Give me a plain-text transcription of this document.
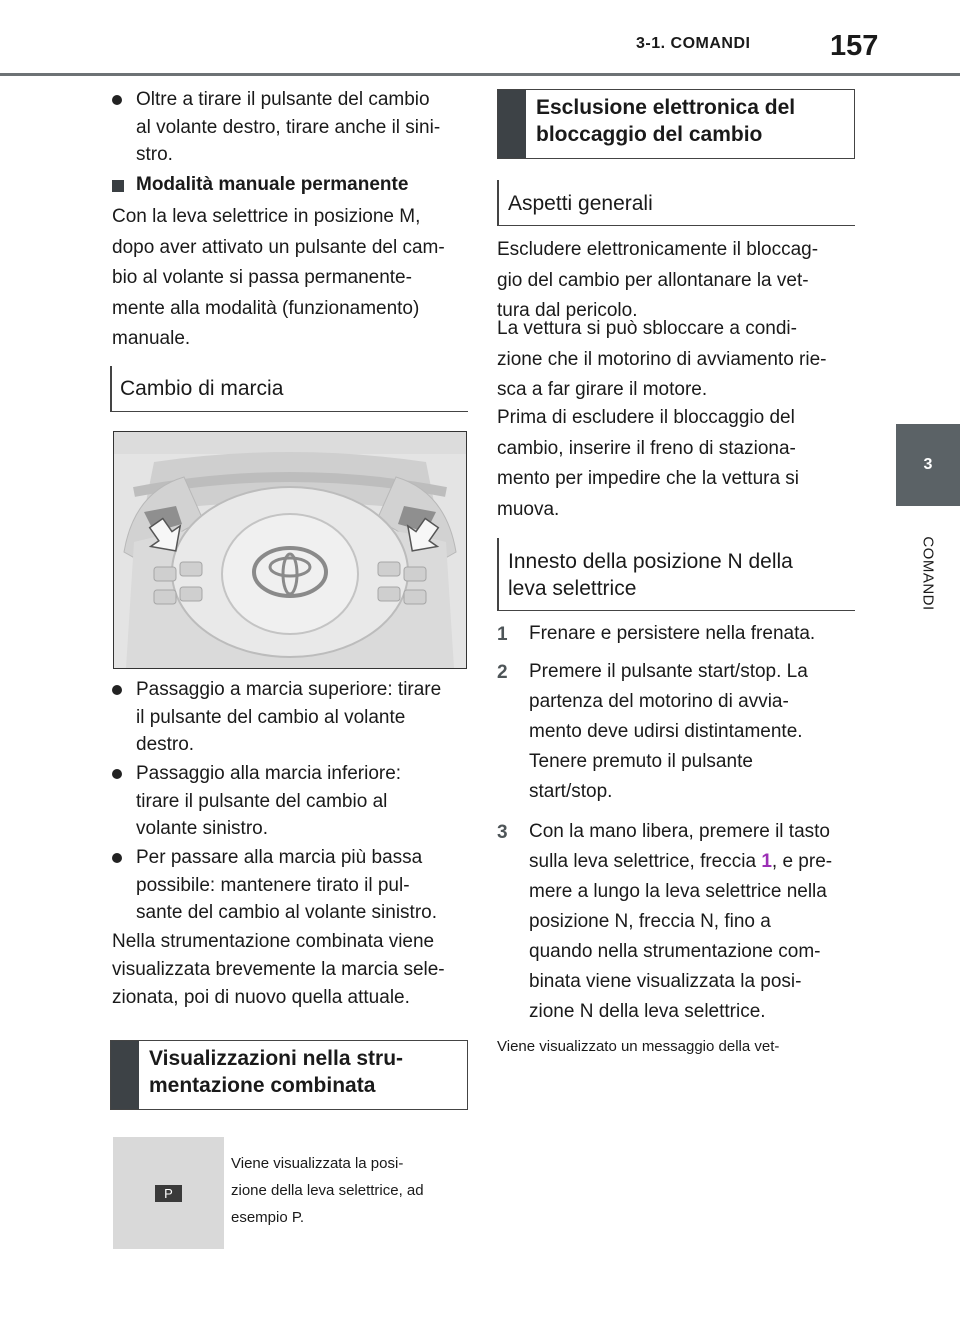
3-1. COMANDI	157
3
COMANDI
Oltre a tirare il pulsante del cambio
al volante destro, tirare anche il sini-
stro.
Modalità manuale permanente
Con la leva selettrice in posizione M,
dopo aver attivato un pulsante del cam-
bio al volante si passa permanente-
mente alla modalità (funzionamento)
manuale.
Cambio di marcia
Passaggio a marcia superiore: tirare
il pulsante del cambio al volante
destro.
Passaggio alla marcia inferiore:
tirare il pulsante del cambio al
volante sinistro.
Per passare alla marcia più bassa
possibile: mantenere tirato il pul-
sante del cambio al volante sinistro.
Nella strumentazione combinata viene
visualizzata brevemente la marcia sele-
zionata, poi di nuovo quella attuale.
Visualizzazioni nella stru-
mentazione combinata
P
Viene visualizzata la posi-
zione della leva selettrice, ad
esempio P.
Esclusione elettronica del
bloccaggio del cambio
Aspetti generali
Escludere elettronicamente il bloccag-
gio del cambio per allontanare la vet-
tura dal pericolo.
La vettura si può sbloccare a condi-
zione che il motorino di avviamento rie-
sca a far girare il motore.
Prima di escludere il bloccaggio del
cambio, inserire il freno di staziona-
mento per impedire che la vettura si
muova.
Innesto della posizione N della
leva selettrice
1 Frenare e persistere nella frenata.
2 Premere il pulsante start/stop. La
partenza del motorino di avvia-
mento deve udirsi distintamente.
Tenere premuto il pulsante
start/stop.
3 Con la mano libera, premere il tasto
sulla leva selettrice, freccia 1, e pre-
mere a lungo la leva selettrice nella
posizione N, freccia N, fino a
quando nella strumentazione com-
binata viene visualizzata la posi-
zione N della leva selettrice.
Viene visualizzato un messaggio della vet-
